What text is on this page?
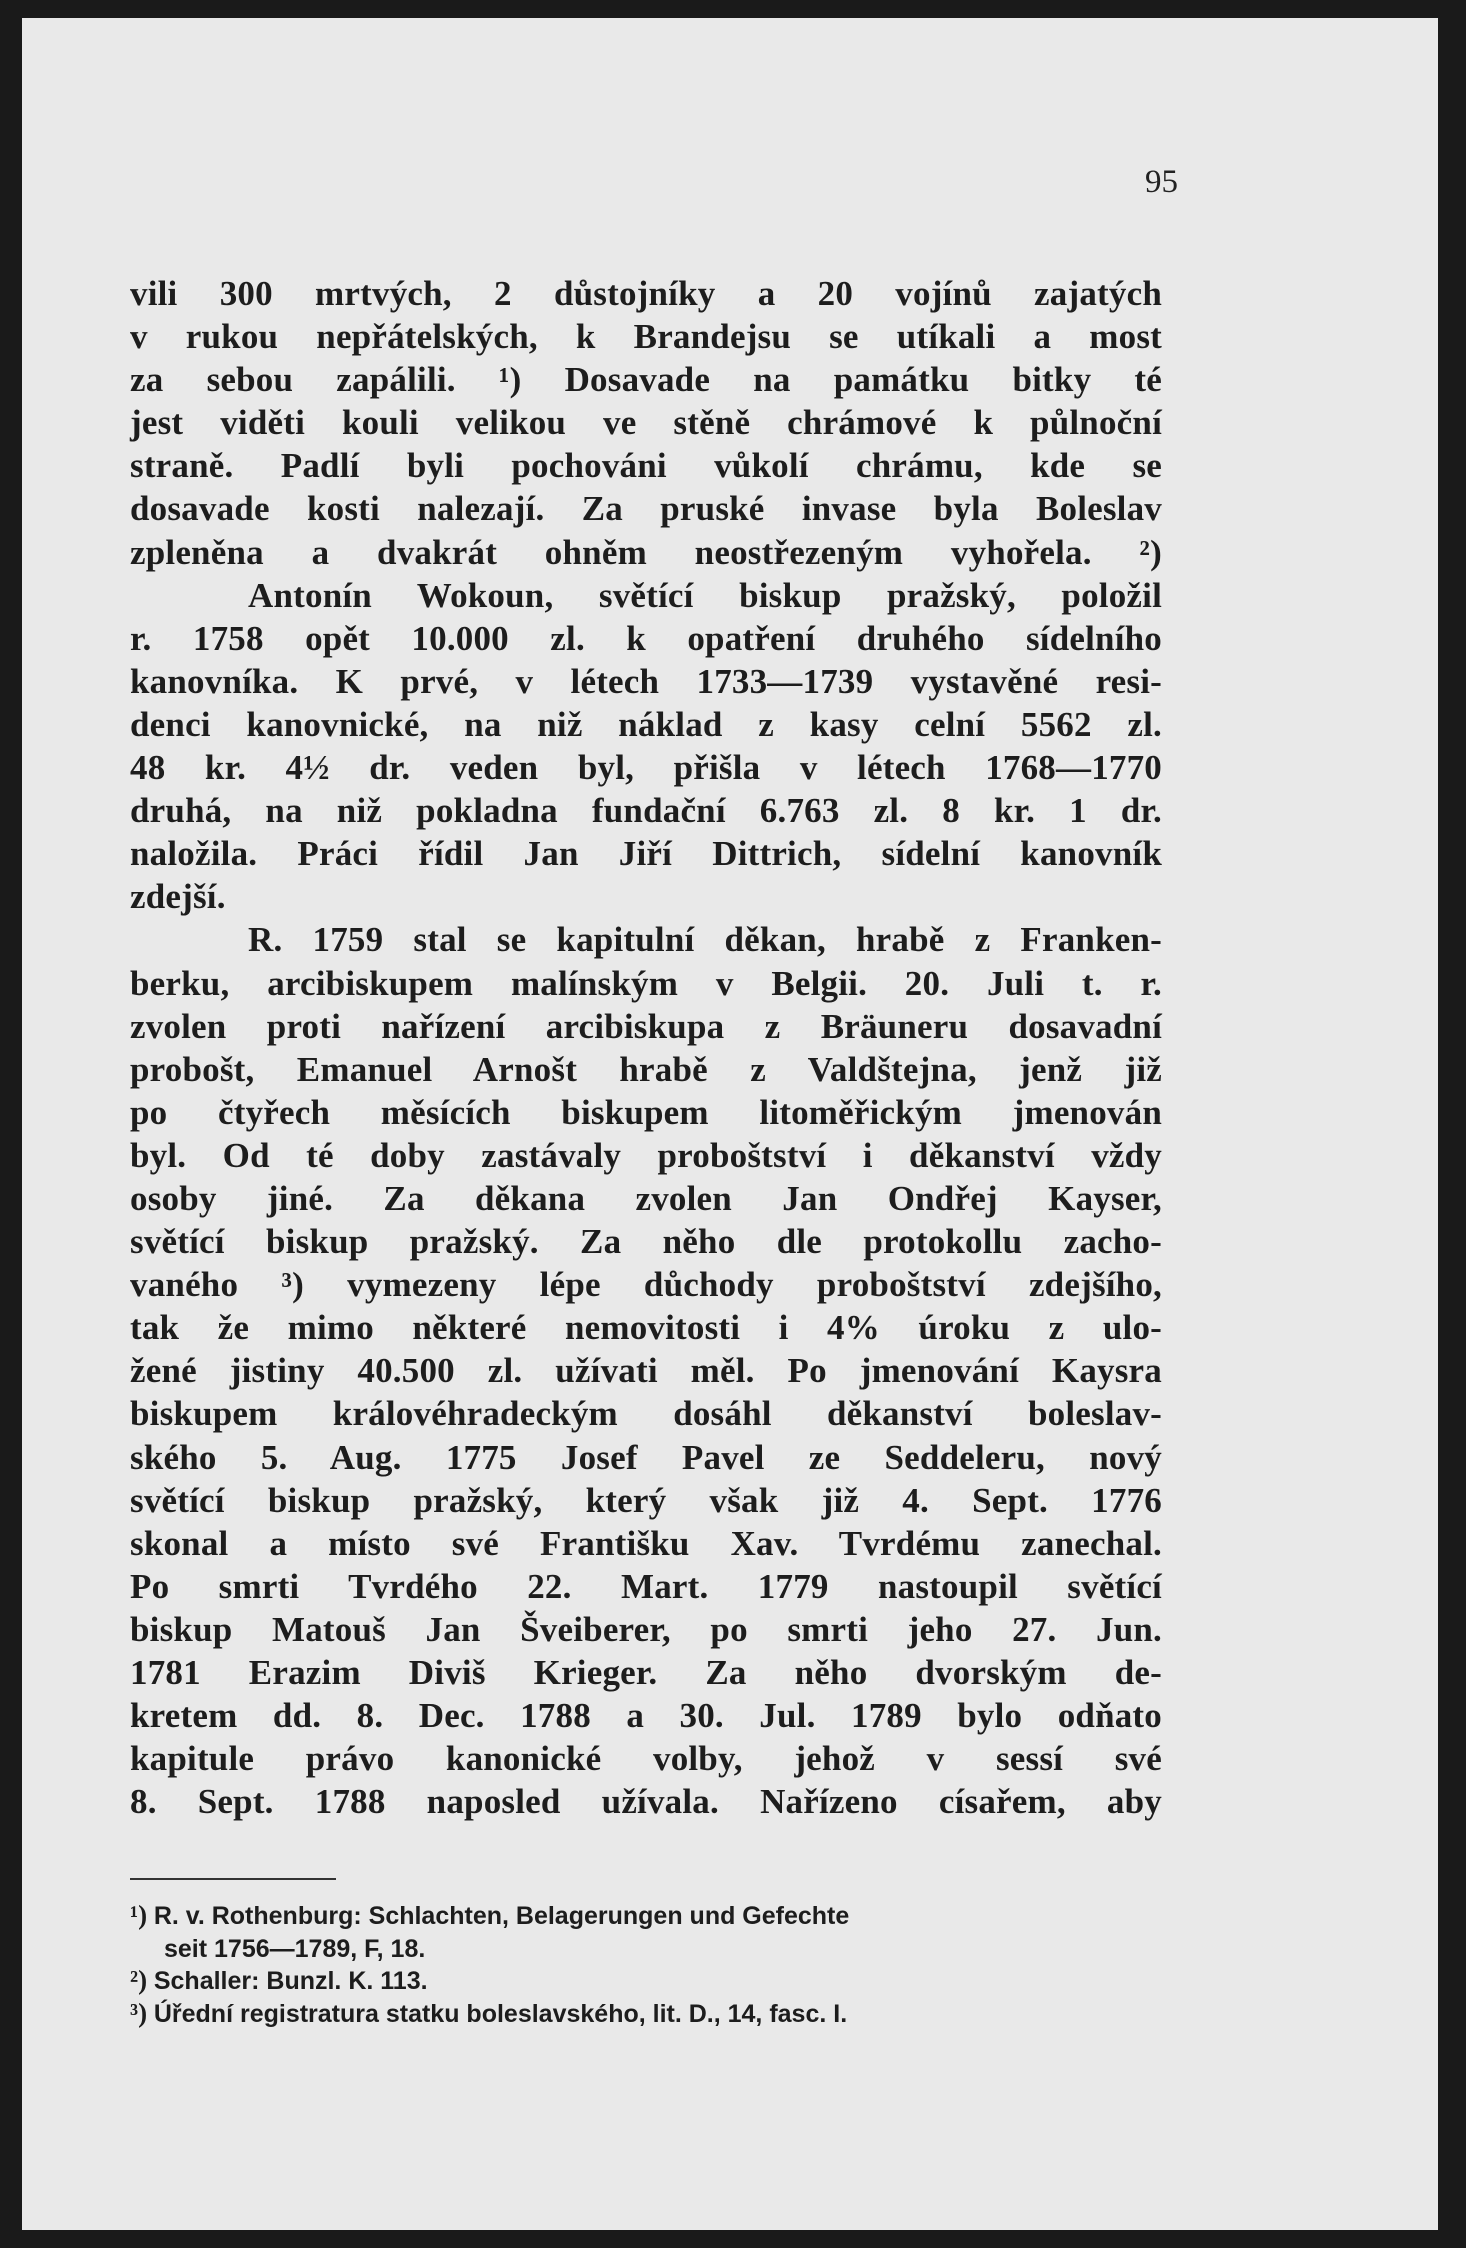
95
vili 300 mrtvých, 2 důstojníky a 20 vojínů zajatých
v rukou nepřátelských, k Brandejsu se utíkali a most
za sebou zapálili. ¹) Dosavade na památku bitky té
jest viděti kouli velikou ve stěně chrámové k půlnoční
straně. Padlí byli pochováni vůkolí chrámu, kde se
dosavade kosti nalezají. Za pruské invase byla Boleslav
zpleněna a dvakrát ohněm neostřezeným vyhořela. ²)
Antonín Wokoun, světící biskup pražský, položil
r. 1758 opět 10.000 zl. k opatření druhého sídelního
kanovníka. K prvé, v létech 1733—1739 vystavěné resi-
denci kanovnické, na niž náklad z kasy celní 5562 zl.
48 kr. 4½ dr. veden byl, přišla v létech 1768—1770
druhá, na niž pokladna fundační 6.763 zl. 8 kr. 1 dr.
naložila. Práci řídil Jan Jiří Dittrich, sídelní kanovník
zdejší.
R. 1759 stal se kapitulní děkan, hrabě z Franken-
berku, arcibiskupem malínským v Belgii. 20. Juli t. r.
zvolen proti nařízení arcibiskupa z Bräuneru dosavadní
probošt, Emanuel Arnošt hrabě z Valdštejna, jenž již
po čtyřech měsících biskupem litoměřickým jmenován
byl. Od té doby zastávaly proboštství i děkanství vždy
osoby jiné. Za děkana zvolen Jan Ondřej Kayser,
světící biskup pražský. Za něho dle protokollu zacho-
vaného ³) vymezeny lépe důchody proboštství zdejšího,
tak že mimo některé nemovitosti i 4% úroku z ulo-
žené jistiny 40.500 zl. užívati měl. Po jmenování Kaysra
biskupem královéhradeckým dosáhl děkanství boleslav-
ského 5. Aug. 1775 Josef Pavel ze Seddeleru, nový
světící biskup pražský, který však již 4. Sept. 1776
skonal a místo své Františku Xav. Tvrdému zanechal.
Po smrti Tvrdého 22. Mart. 1779 nastoupil světící
biskup Matouš Jan Šveiberer, po smrti jeho 27. Jun.
1781 Erazim Diviš Krieger. Za něho dvorským de-
kretem dd. 8. Dec. 1788 a 30. Jul. 1789 bylo odňato
kapitule právo kanonické volby, jehož v sessí své
8. Sept. 1788 naposled užívala. Nařízeno císařem, aby
¹) R. v. Rothenburg: Schlachten, Belagerungen und Gefechte
seit 1756—1789, F, 18.
²) Schaller: Bunzl. K. 113.
³) Úřední registratura statku boleslavského, lit. D., 14, fasc. I.
